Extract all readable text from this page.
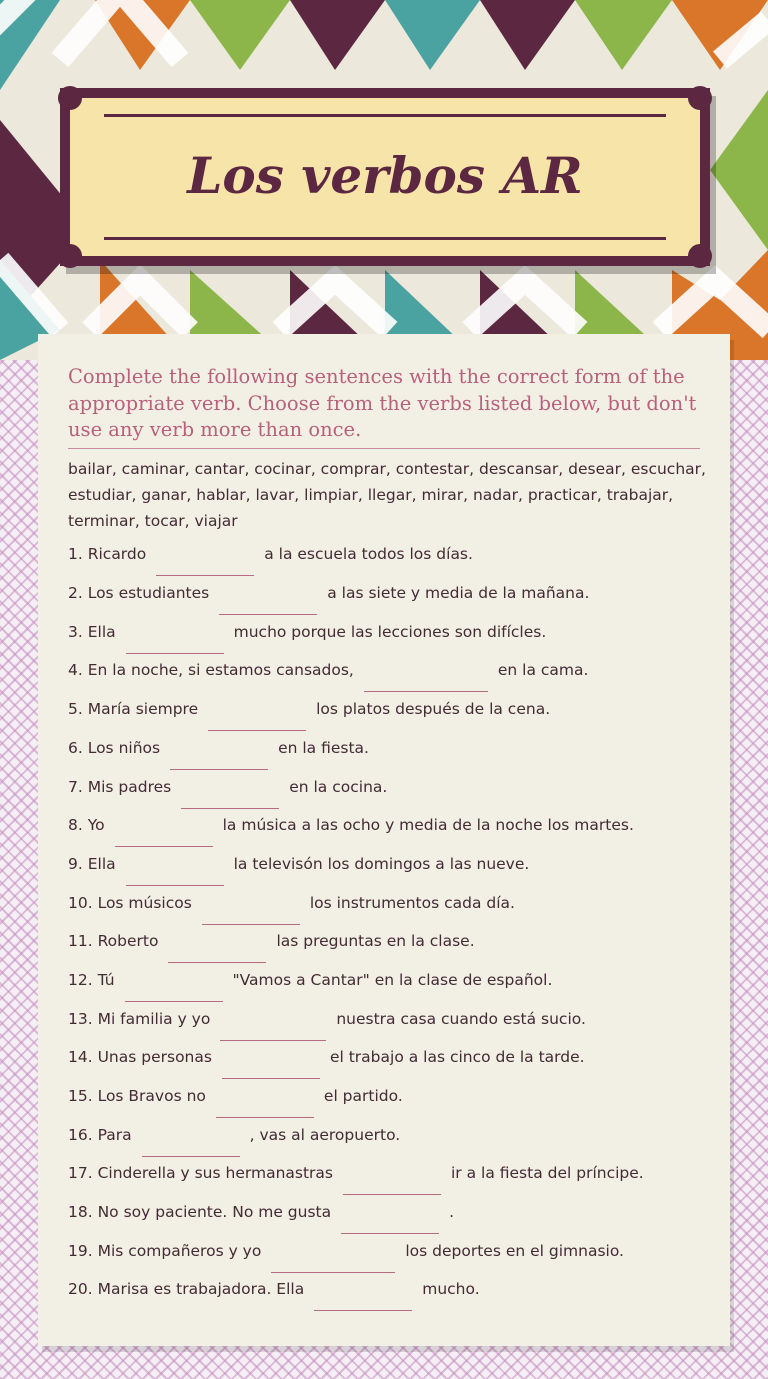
Los verbos AR
Complete the following sentences with the correct form of the appropriate verb. Choose from the verbs listed below, but don't use any verb more than once.
bailar, caminar, cantar, cocinar, comprar, contestar, descansar, desear, escuchar, estudiar, ganar, hablar, lavar, limpiar, llegar, mirar, nadar, practicar, trabajar, terminar, tocar, viajar
1. Ricardo	a la escuela todos los días.
2. Los estudiantes	a las siete y media de la mañana.
3. Ella	mucho porque las lecciones son difícles.
4. En la noche, si estamos cansados,	en la cama.
5. María siempre	los platos después de la cena.
6. Los niños	en la fiesta.
7. Mis padres	en la cocina.
8. Yo	la música a las ocho y media de la noche los martes.
9. Ella	la televisón los domingos a las nueve.
10. Los músicos	los instrumentos cada día.
11. Roberto	las preguntas en la clase.
12. Tú	"Vamos a Cantar" en la clase de español.
13. Mi familia y yo	nuestra casa cuando está sucio.
14. Unas personas	el trabajo a las cinco de la tarde.
15. Los Bravos no	el partido.
16. Para	, vas al aeropuerto.
17. Cinderella y sus hermanastras	ir a la fiesta del príncipe.
18. No soy paciente. No me gusta	.
19. Mis compañeros y yo	los deportes en el gimnasio.
20. Marisa es trabajadora. Ella	mucho.
